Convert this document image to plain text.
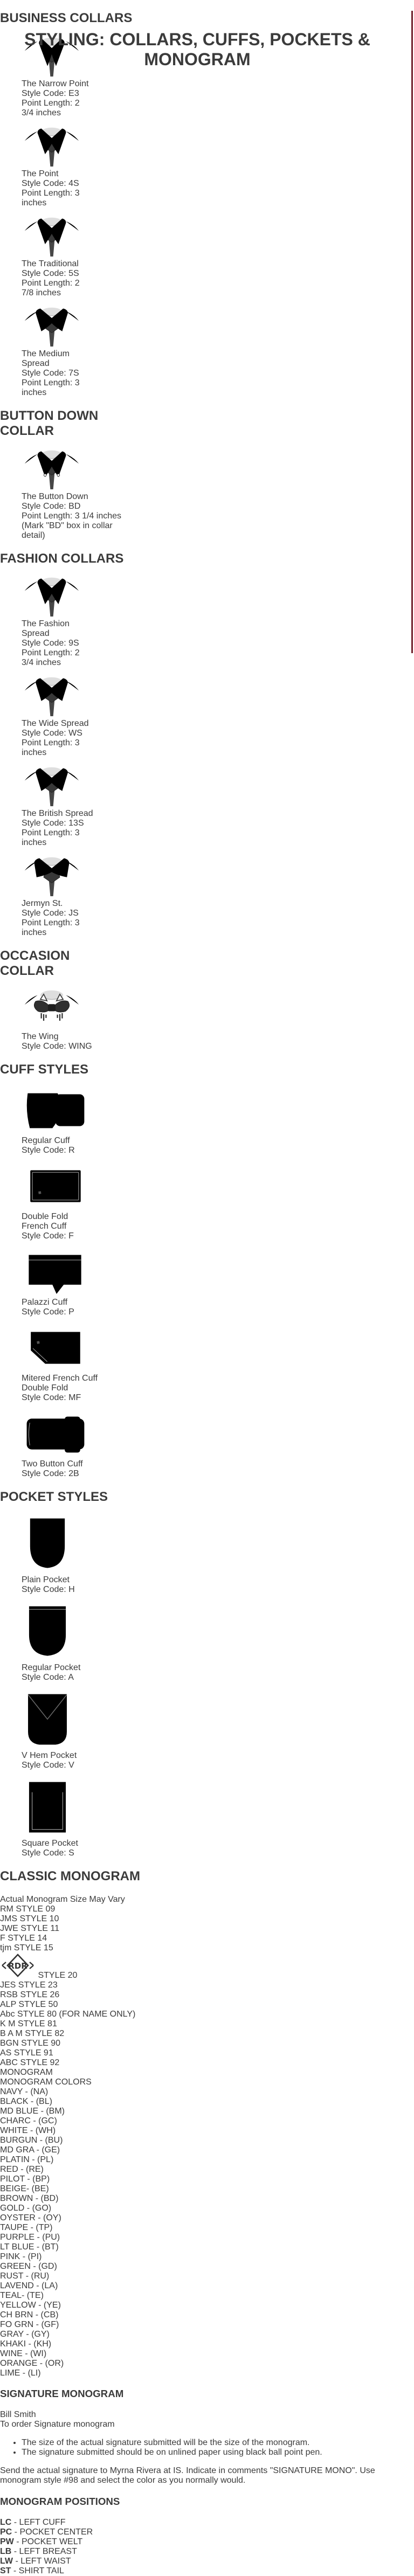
STYLING: COLLARS, CUFFS, POCKETS & MONOGRAM
BUSINESS COLLARS
The Narrow Point
Style Code: E3
Point Length: 2 3/4 inches
The Point
Style Code: 4S
Point Length: 3 inches
The Traditional
Style Code: 5S
Point Length: 2 7/8 inches
The Medium Spread
Style Code: 7S
Point Length: 3 inches
BUTTON DOWN COLLAR
The Button Down
Style Code: BD
Point Length: 3 1/4 inches
(Mark "BD" box in collar detail)
FASHION COLLARS
The Fashion Spread
Style Code: 9S
Point Length: 2 3/4 inches
The Wide Spread
Style Code: WS
Point Length: 3 inches
The British Spread
Style Code: 13S
Point Length: 3 inches
Jermyn St.
Style Code: JS
Point Length: 3 inches
OCCASION COLLAR
The Wing
Style Code: WING
CUFF STYLES
Regular Cuff
Style Code: R
Double Fold
French Cuff
Style Code: F
Palazzi Cuff
Style Code: P
Mitered French Cuff
Double Fold
Style Code: MF
Two Button Cuff
Style Code: 2B
POCKET STYLES
Plain Pocket
Style Code: H
Regular Pocket
Style Code: A
V Hem Pocket
Style Code: V
Square Pocket
Style Code: S
CLASSIC MONOGRAM
Actual Monogram Size May Vary
RM STYLE 09
JMS STYLE 10
JWE STYLE 11
F STYLE 14
tjm STYLE 15
RDR
STYLE 20
JES STYLE 23
RSB STYLE 26
ALP STYLE 50
Abc STYLE 80 (FOR NAME ONLY)
K M STYLE 81
B A M STYLE 82
BGN STYLE 90
AS STYLE 91
ABC STYLE 92
MONOGRAM
MONOGRAM COLORS
NAVY - (NA)
BLACK - (BL)
MD BLUE - (BM)
CHARC - (GC)
WHITE - (WH)
BURGUN - (BU)
MD GRA - (GE)
PLATIN - (PL)
RED - (RE)
PILOT - (BP)
BEIGE- (BE)
BROWN - (BD)
GOLD - (GO)
OYSTER - (OY)
TAUPE - (TP)
PURPLE - (PU)
LT BLUE - (BT)
PINK - (PI)
GREEN - (GD)
RUST - (RU)
LAVEND - (LA)
TEAL- (TE)
YELLOW - (YE)
CH BRN - (CB)
FO GRN - (GF)
GRAY - (GY)
KHAKI - (KH)
WINE - (WI)
ORANGE - (OR)
LIME - (LI)
SIGNATURE MONOGRAM
Bill Smith
To order Signature monogram
• The size of the actual signature submitted will be the size of the monogram.
• The signature submitted should be on unlined paper using black ball point pen.
Send the actual signature to Myrna Rivera at IS. Indicate in comments "SIGNATURE MONO". Use monogram style #98 and select the color as you normally would.
MONOGRAM POSITIONS
LC - LEFT CUFF
PC - POCKET CENTER
PW - POCKET WELT
LB - LEFT BREAST
LW - LEFT WAIST
ST - SHIRT TAIL
